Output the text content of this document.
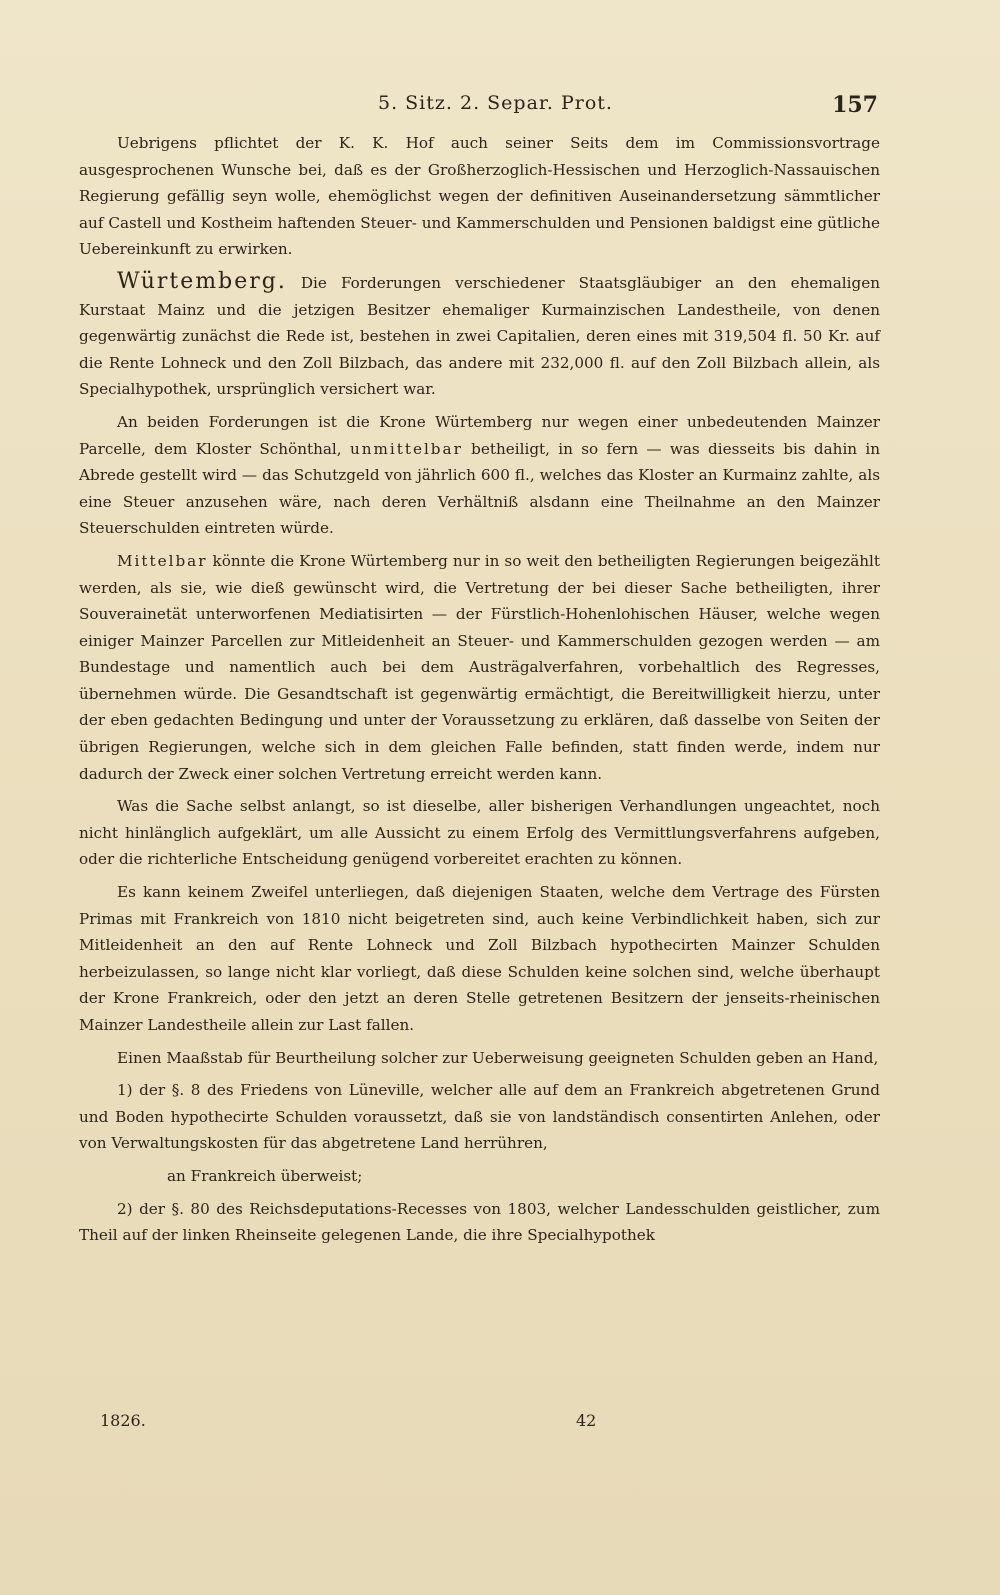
5. Sitz. 2. Separ. Prot.	157

Uebrigens pflichtet der K. K. Hof auch seiner Seits dem im Commissionsvortrage ausgesprochenen Wunsche bei, daß es der Großherzoglich-Hessischen und Herzoglich-Nassauischen Regierung gefällig seyn wolle, ehemöglichst wegen der definitiven Auseinandersetzung sämmtlicher auf Castell und Kostheim haftenden Steuer- und Kammerschulden und Pensionen baldigst eine gütliche Uebereinkunft zu erwirken.

Würtemberg. Die Forderungen verschiedener Staatsgläubiger an den ehemaligen Kurstaat Mainz und die jetzigen Besitzer ehemaliger Kurmainzischen Landestheile, von denen gegenwärtig zunächst die Rede ist, bestehen in zwei Capitalien, deren eines mit 319,504 fl. 50 Kr. auf die Rente Lohneck und den Zoll Bilzbach, das andere mit 232,000 fl. auf den Zoll Bilzbach allein, als Specialhypothek, ursprünglich versichert war.

An beiden Forderungen ist die Krone Würtemberg nur wegen einer unbedeutenden Mainzer Parcelle, dem Kloster Schönthal, unmittelbar betheiligt, in so fern — was diesseits bis dahin in Abrede gestellt wird — das Schutzgeld von jährlich 600 fl., welches das Kloster an Kurmainz zahlte, als eine Steuer anzusehen wäre, nach deren Verhältniß alsdann eine Theilnahme an den Mainzer Steuerschulden eintreten würde.

Mittelbar könnte die Krone Würtemberg nur in so weit den betheiligten Regierungen beigezählt werden, als sie, wie dieß gewünscht wird, die Vertretung der bei dieser Sache betheiligten, ihrer Souverainetät unterworfenen Mediatisirten — der Fürstlich-Hohenlohischen Häuser, welche wegen einiger Mainzer Parcellen zur Mitleidenheit an Steuer- und Kammerschulden gezogen werden — am Bundestage und namentlich auch bei dem Austrägalverfahren, vorbehaltlich des Regresses, übernehmen würde. Die Gesandtschaft ist gegenwärtig ermächtigt, die Bereitwilligkeit hierzu, unter der eben gedachten Bedingung und unter der Voraussetzung zu erklären, daß dasselbe von Seiten der übrigen Regierungen, welche sich in dem gleichen Falle befinden, statt finden werde, indem nur dadurch der Zweck einer solchen Vertretung erreicht werden kann.

Was die Sache selbst anlangt, so ist dieselbe, aller bisherigen Verhandlungen ungeachtet, noch nicht hinlänglich aufgeklärt, um alle Aussicht zu einem Erfolg des Vermittlungsverfahrens aufgeben, oder die richterliche Entscheidung genügend vorbereitet erachten zu können.

Es kann keinem Zweifel unterliegen, daß diejenigen Staaten, welche dem Vertrage des Fürsten Primas mit Frankreich von 1810 nicht beigetreten sind, auch keine Verbindlichkeit haben, sich zur Mitleidenheit an den auf Rente Lohneck und Zoll Bilzbach hypothecirten Mainzer Schulden herbeizulassen, so lange nicht klar vorliegt, daß diese Schulden keine solchen sind, welche überhaupt der Krone Frankreich, oder den jetzt an deren Stelle getretenen Besitzern der jenseits-rheinischen Mainzer Landestheile allein zur Last fallen.

Einen Maaßstab für Beurtheilung solcher zur Ueberweisung geeigneten Schulden geben an Hand,

1) der §. 8 des Friedens von Lüneville, welcher alle auf dem an Frankreich abgetretenen Grund und Boden hypothecirte Schulden voraussetzt, daß sie von landständisch consentirten Anlehen, oder von Verwaltungskosten für das abgetretene Land herrühren,

an Frankreich überweist;

2) der §. 80 des Reichsdeputations-Recesses von 1803, welcher Landesschulden geistlicher, zum Theil auf der linken Rheinseite gelegenen Lande, die ihre Specialhypothek

1826.	42
